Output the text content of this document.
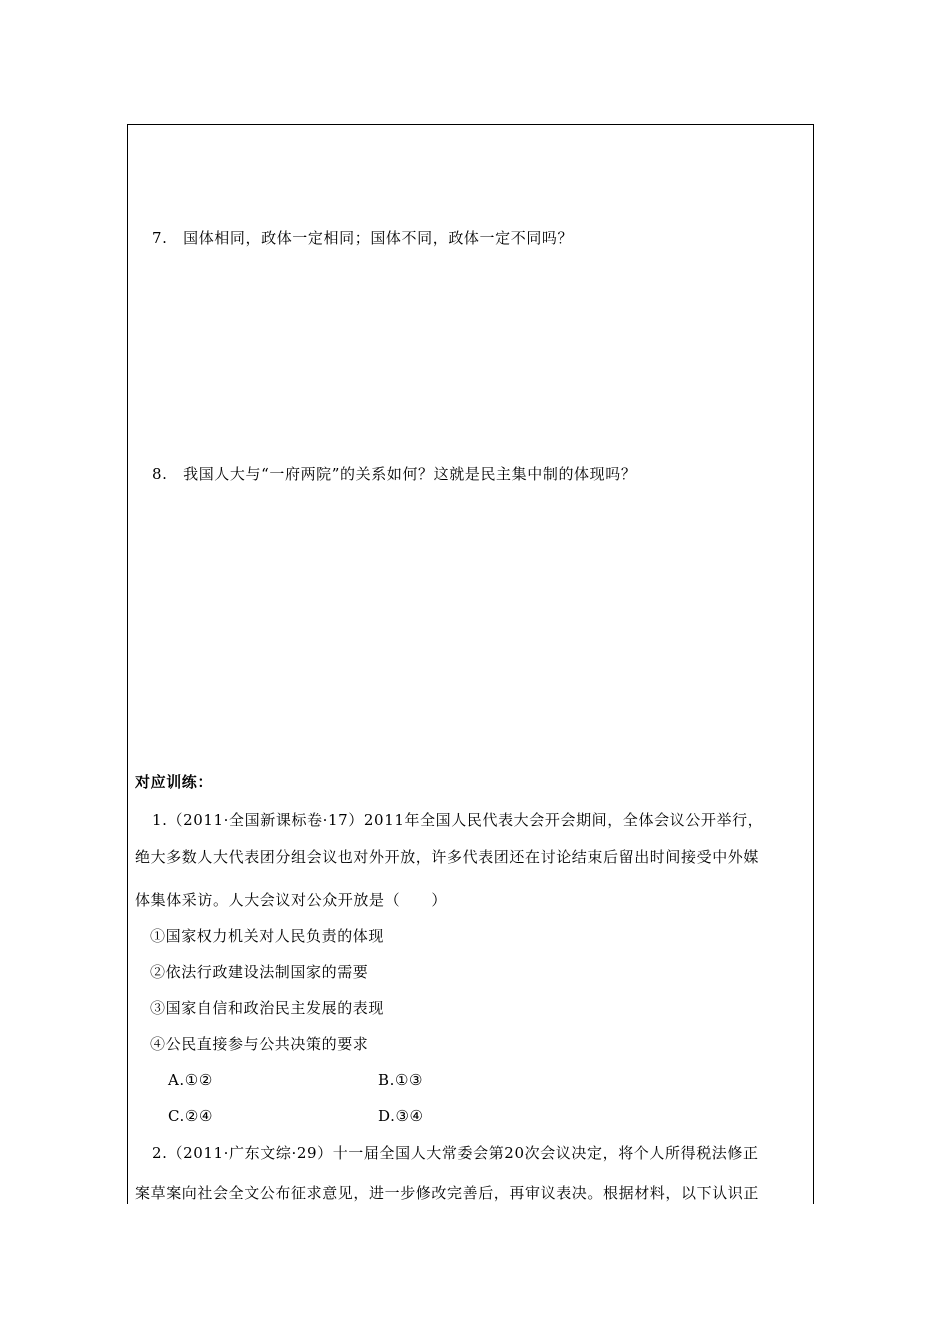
7.　国体相同，政体一定相同；国体不同，政体一定不同吗？
8.　我国人大与“一府两院”的关系如何？这就是民主集中制的体现吗？
对应训练：
1.（2011·全国新课标卷·17）2011年全国人民代表大会开会期间，全体会议公开举行，
绝大多数人大代表团分组会议也对外开放，许多代表团还在讨论结束后留出时间接受中外媒
体集体采访。人大会议对公众开放是（　　）
①国家权力机关对人民负责的体现
②依法行政建设法制国家的需要
③国家自信和政治民主发展的表现
④公民直接参与公共决策的要求
A.①②	B.①③
C.②④	D.③④
2.（2011·广东文综·29）十一届全国人大常委会第20次会议决定，将个人所得税法修正
案草案向社会全文公布征求意见，进一步修改完善后，再审议表决。根据材料，以下认识正
